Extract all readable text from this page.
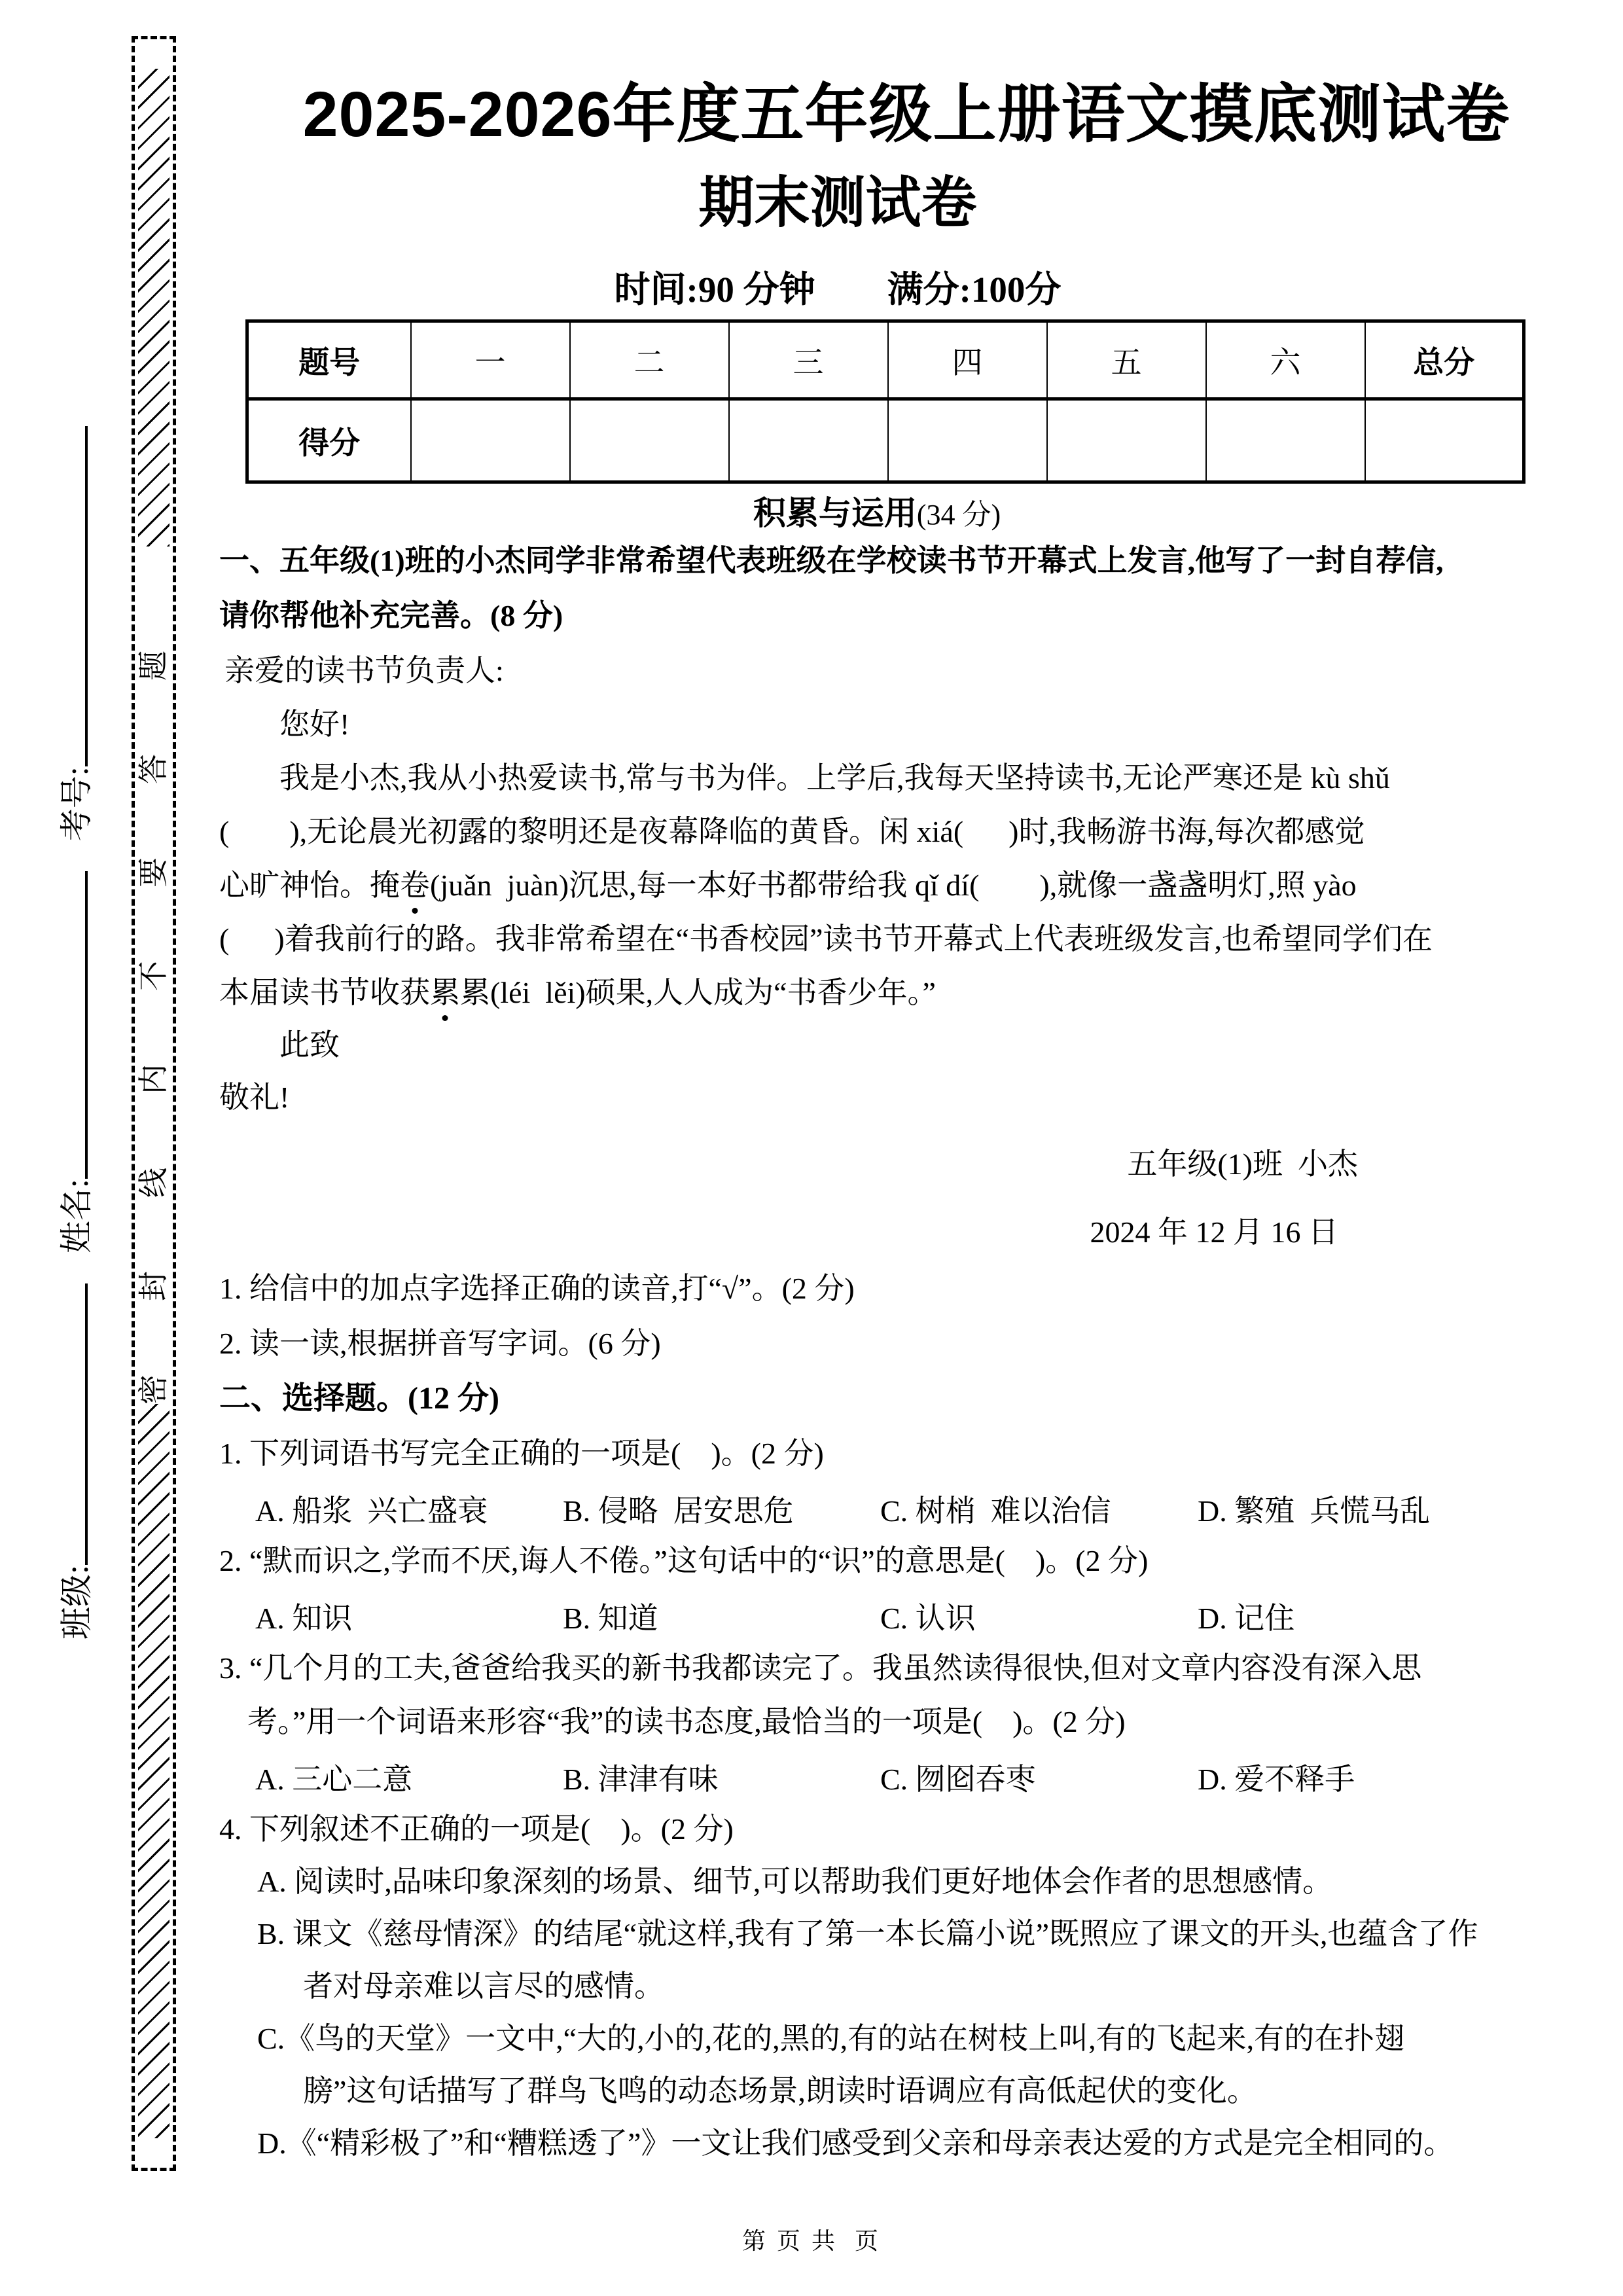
密封线内不要答题
班级:姓名:考号:
2025-2026年度五年级上册语文摸底测试卷
期末测试卷
时间:90 分钟        满分:100分
题号	一	二	三	四	五	六	总分
得分							
积累与运用(34 分)
一、五年级(1)班的小杰同学非常希望代表班级在学校读书节开幕式上发言,他写了一封自荐信,
请你帮他补充完善。(8 分)
亲爱的读书节负责人:
您好!
我是小杰,我从小热爱读书,常与书为伴。上学后,我每天坚持读书,无论严寒还是 kù shǔ
(        ),无论晨光初露的黎明还是夜幕降临的黄昏。闲 xiá(      )时,我畅游书海,每次都感觉
心旷神怡。掩卷(juǎn  juàn)沉思,每一本好书都带给我 qǐ dí(        ),就像一盏盏明灯,照 yào
(      )着我前行的路。我非常希望在“书香校园”读书节开幕式上代表班级发言,也希望同学们在
本届读书节收获累累(léi  lěi)硕果,人人成为“书香少年。”
此致
敬礼!
五年级(1)班  小杰
2024 年 12 月 16 日
1. 给信中的加点字选择正确的读音,打“√”。(2 分)
2. 读一读,根据拼音写字词。(6 分)
二、选择题。(12 分)
1. 下列词语书写完全正确的一项是(    )。(2 分)
A. 船浆  兴亡盛衰 B. 侵略  居安思危	C. 树梢  难以治信	D. 繁殖  兵慌马乱
2. “默而识之,学而不厌,诲人不倦。”这句话中的“识”的意思是(    )。(2 分)
A. 知识	B. 知道	C. 认识	D. 记住
3. “几个月的工夫,爸爸给我买的新书我都读完了。我虽然读得很快,但对文章内容没有深入思
考。”用一个词语来形容“我”的读书态度,最恰当的一项是(    )。(2 分)
A. 三心二意	B. 津津有味	C. 囫囵吞枣	D. 爱不释手
4. 下列叙述不正确的一项是(    )。(2 分)
A. 阅读时,品味印象深刻的场景、细节,可以帮助我们更好地体会作者的思想感情。
B. 课文《慈母情深》的结尾“就这样,我有了第一本长篇小说”既照应了课文的开头,也蕴含了作
者对母亲难以言尽的感情。
C.《鸟的天堂》一文中,“大的,小的,花的,黑的,有的站在树枝上叫,有的飞起来,有的在扑翅
膀”这句话描写了群鸟飞鸣的动态场景,朗读时语调应有高低起伏的变化。
D.《“精彩极了”和“糟糕透了”》一文让我们感受到父亲和母亲表达爱的方式是完全相同的。
第 页 共  页
